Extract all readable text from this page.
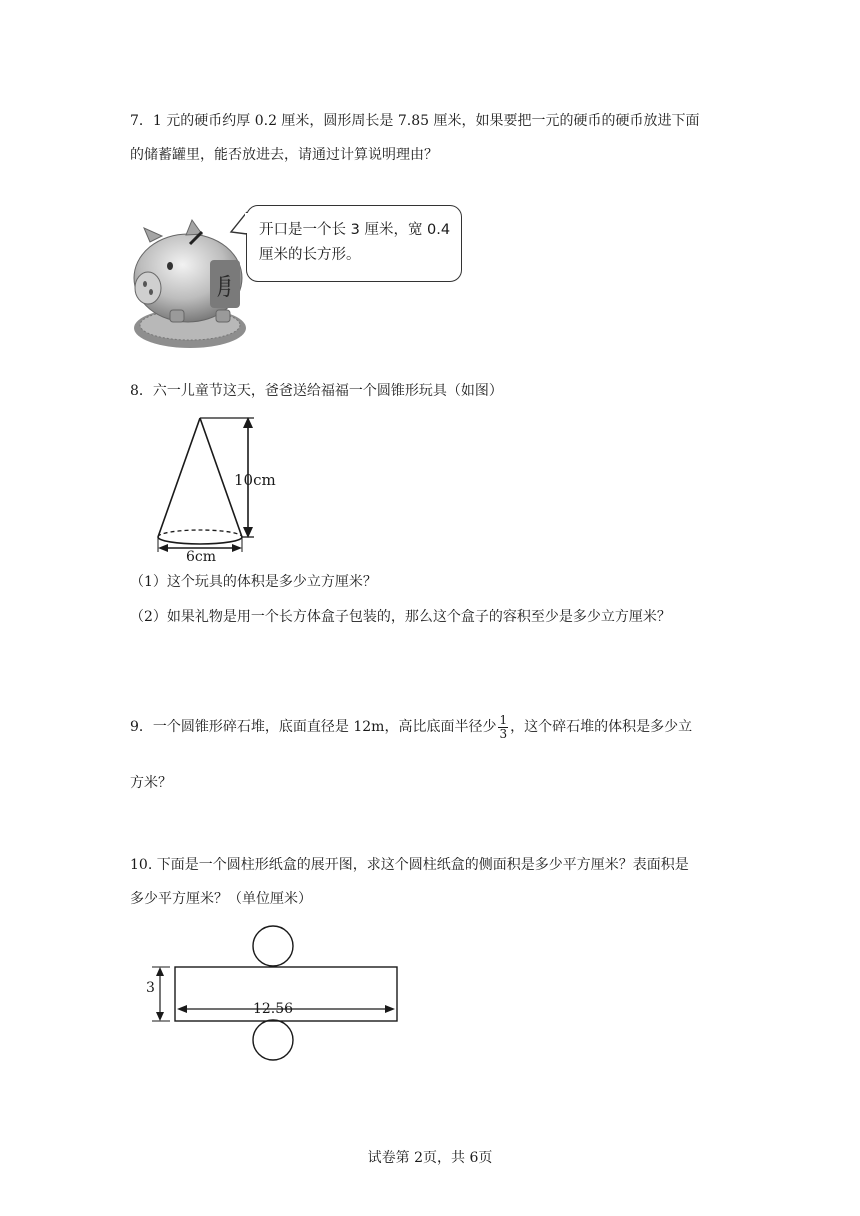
7．1 元的硬币约厚 0.2 厘米，圆形周长是 7.85 厘米，如果要把一元的硬币的硬币放进下面
的储蓄罐里，能否放进去，请通过计算说明理由？
㐆
开口是一个长 3 厘米，宽 0.4
厘米的长方形。
8．六一儿童节这天，爸爸送给福福一个圆锥形玩具（如图）
6cm
10cm
（1）这个玩具的体积是多少立方厘米？
（2）如果礼物是用一个长方体盒子包装的，那么这个盒子的容积至少是多少立方厘米？
9．一个圆锥形碎石堆，底面直径是 12m，高比底面半径少 $\frac{1}{3}$ ，这个碎石堆的体积是多少立
方米？
10. 下面是一个圆柱形纸盒的展开图，求这个圆柱纸盒的侧面积是多少平方厘米？表面积是
多少平方厘米？（单位厘米）
3
12.56
试卷第 2页，共 6页
